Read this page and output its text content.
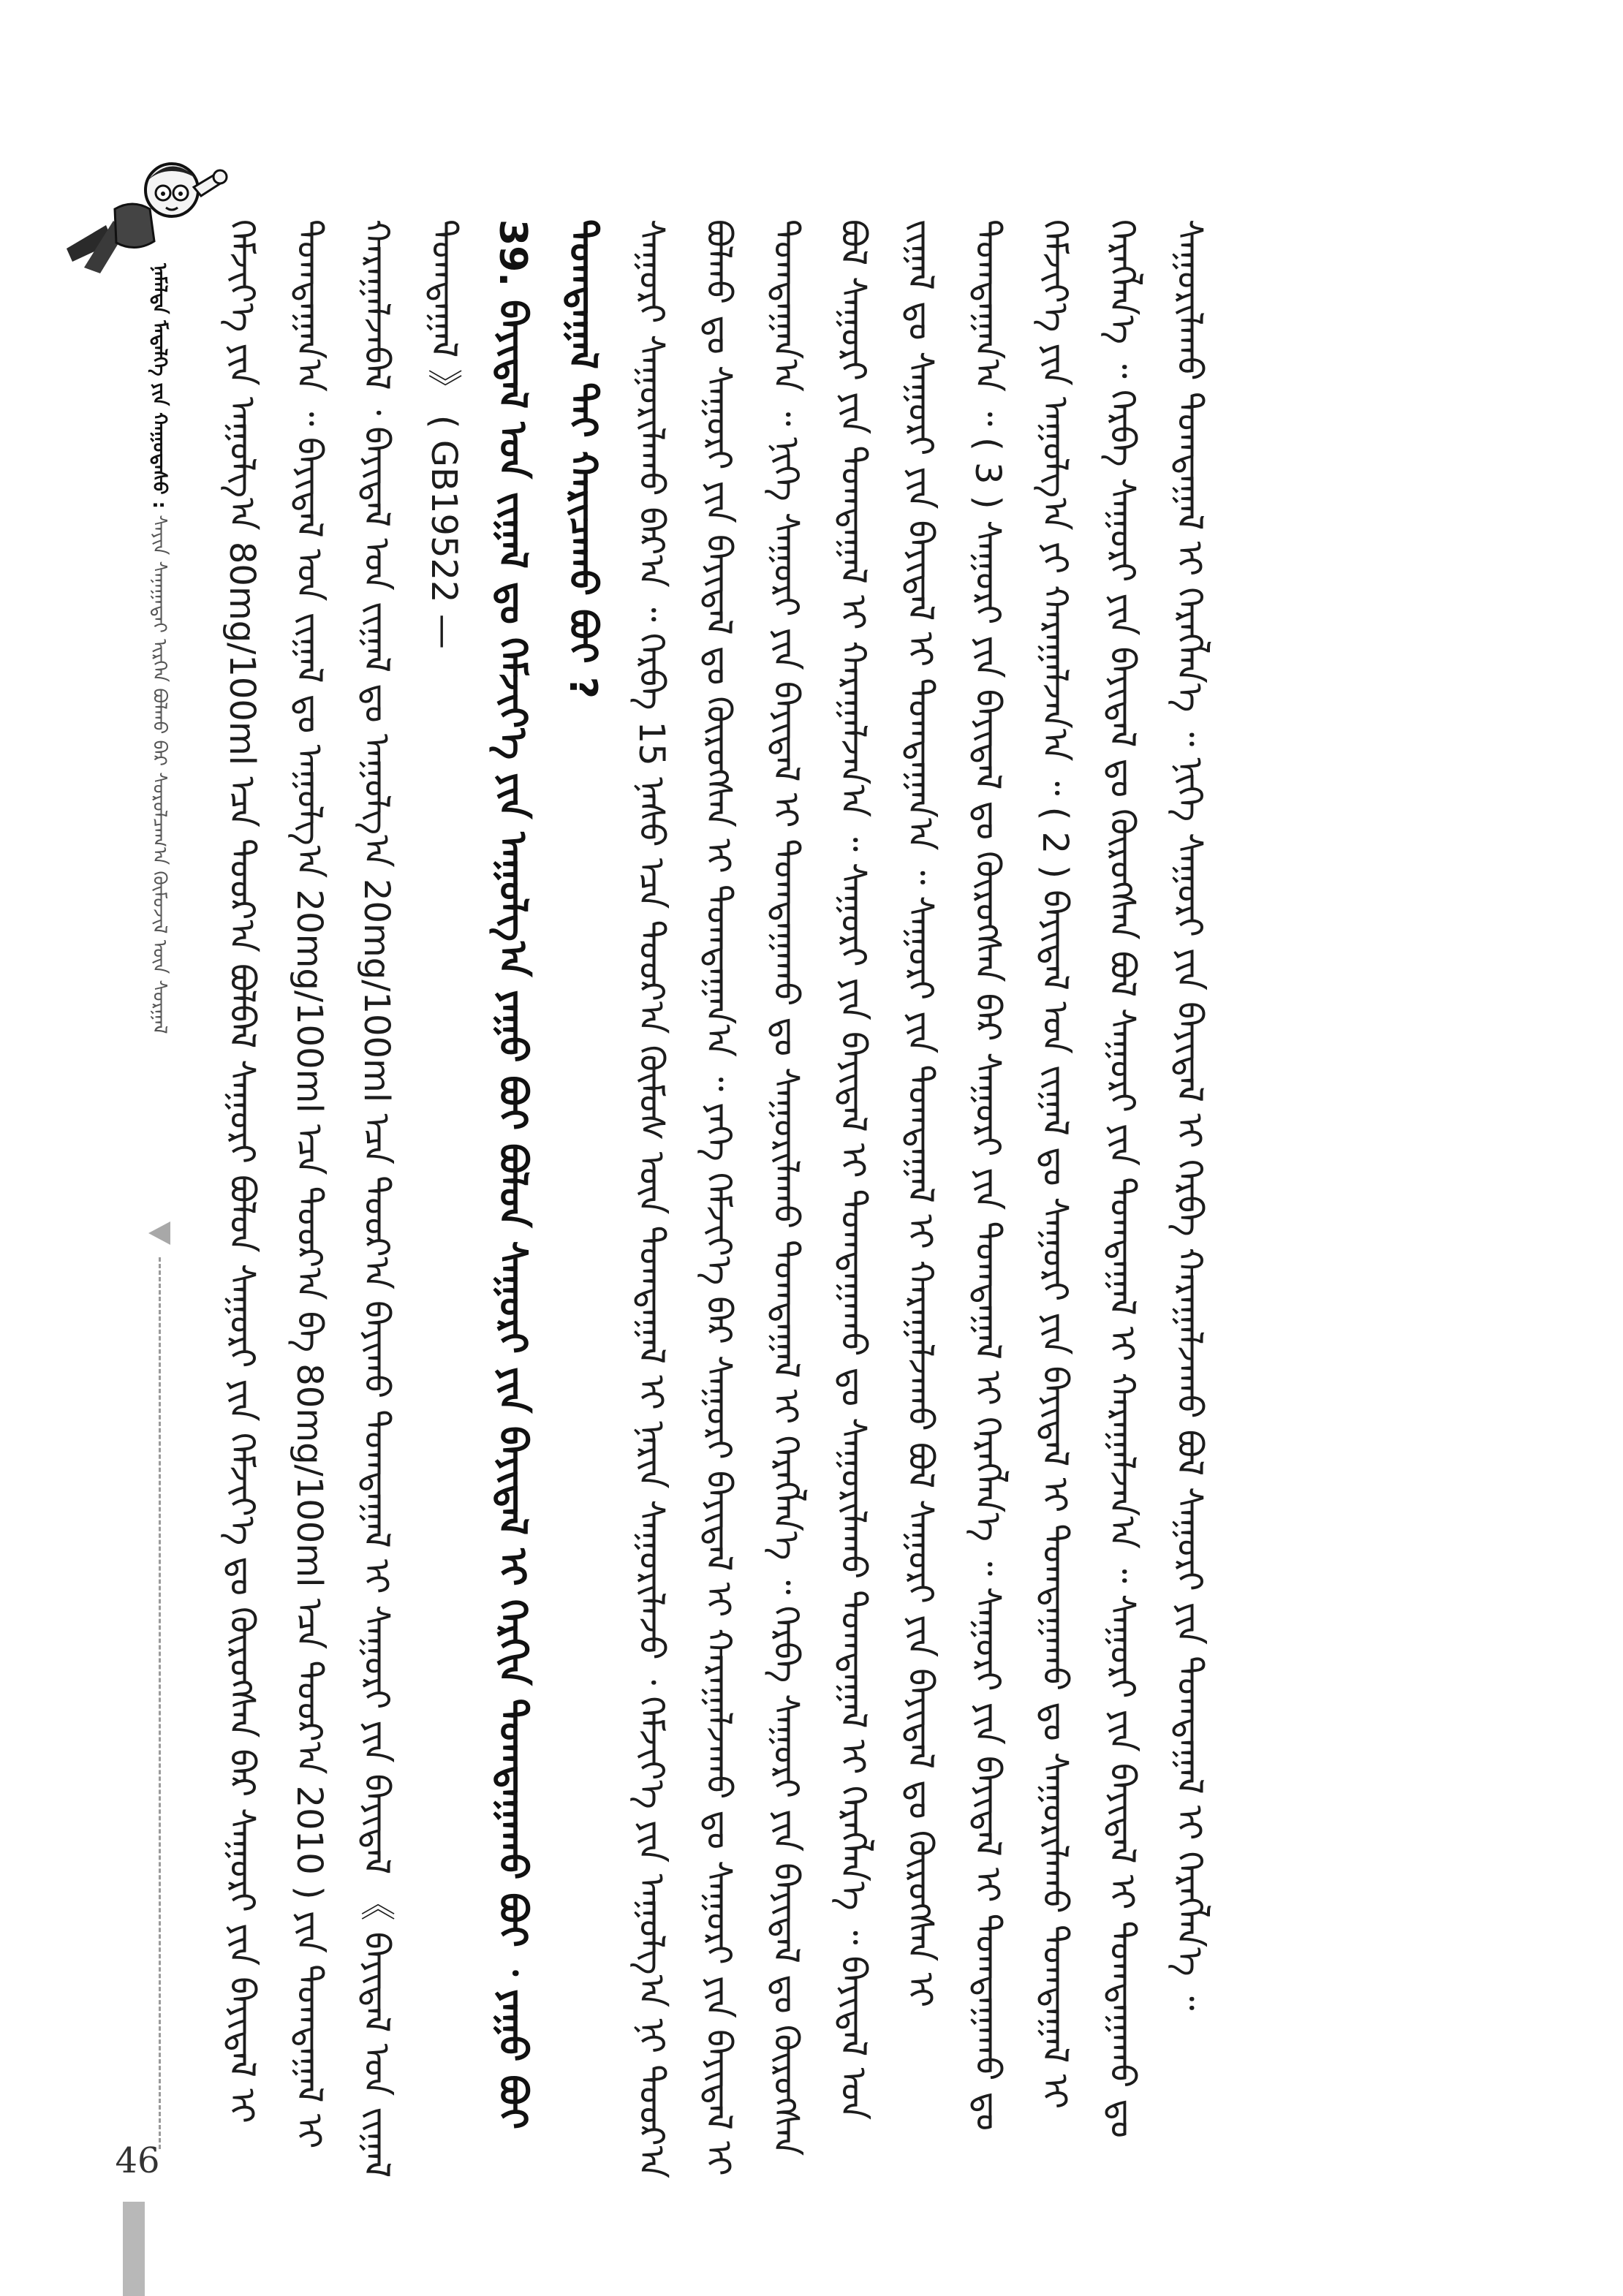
ᠨᠡᠮᠡᠯᠲᠡ ᠮᠡᠳᠡᠯᠭᠡ ᠶᠢᠨ ᠬᠠᠭᠤᠳᠠᠰᠤ : ᠰᠠᠶᠢᠨ ᠰᠠᠨᠠᠭᠠᠲᠠᠢ ᠢᠷᠭᠡᠨ ᠪᠣᠯᠬᠤ ᠪᠠᠷ ᠰᠤᠷᠤᠯᠴᠠᠭ᠎ᠠ ᠬᠦᠮᠦᠵᠢᠯ ᠦᠨ ᠰᠤᠷᠭᠠᠯ	ᠬᠡᠮᠵᠢᠶ᠎ᠡ ᠶᠢᠨ ᠠᠭᠤᠯᠭ᠎ᠠ 80mg/100ml ᠡᠴᠡ ᠳᠣᠣᠷ᠎ᠠ ᠪᠣᠯᠪᠠᠯ ᠰᠠᠭᠤᠷᠢ ᠪᠤᠯᠤᠨ ᠰᠠᠭᠤᠷᠢ ᠶᠢᠨ ᠬᠡᠮᠵᠢᠶ᠎ᠡ ᠳᠤ ᠬᠦᠷᠦᠭᠰᠡᠨ ᠪᠠᠷ ᠰᠠᠭᠤᠷᠢ ᠶᠢᠨ ᠪᠠᠶᠢᠳᠠᠯ ᠢ ᠲᠣᠭᠲᠠᠭᠠᠨ᠎ᠠ ᠃ ᠪᠠᠶᠢᠳᠠᠯ ᠤᠨ ᠵᠢᠭᠠᠯ ᠳᠤ ᠠᠭᠤᠯᠭ᠎ᠠ 20mg/100ml ᠡᠴᠡ ᠳᠣᠣᠷ᠎ᠠ ᠪᠠ 80mg/100ml ᠡᠴᠡ ᠳᠣᠣᠷ᠎ᠠ 2010 ) ᠶᠢᠨ ᠲᠣᠭᠲᠠᠭᠠᠯ ᠢ ᠬᠠᠷᠠᠭᠠᠯᠵᠠᠪᠠᠯ ᠂ ᠪᠠᠶᠢᠳᠠᠯ ᠤᠨ ᠵᠢᠭᠠᠯ ᠳᠤ ᠠᠭᠤᠯᠭ᠎ᠠ 20mg/100ml ᠡᠴᠡ ᠳᠣᠣᠷ᠎ᠠ ᠪᠠᠶᠢᠬᠤ ᠲᠣᠭᠲᠠᠭᠠᠯ ᠢ ᠰᠠᠭᠤᠷᠢ ᠶᠢᠨ ᠪᠠᠶᠢᠳᠠᠯ 《 ᠪᠠᠶᠢᠳᠠᠯ ᠤᠨ ᠵᠢᠭᠠᠯ ᠲᠣᠭᠲᠠᠭᠠᠯ 》 ( GB19522 — 39. ᠪᠠᠶᠢᠳᠠᠯ ᠤᠨ ᠵᠢᠭᠠᠯ ᠳᠤ ᠬᠡᠮᠵᠢᠶ᠎ᠡ ᠶᠢᠨ ᠠᠭᠤᠯᠭ᠎ᠠ ᠶᠠᠭᠤ ᠪᠤᠢ ᠪᠣᠯᠤᠨ ᠰᠠᠭᠤᠷᠢ ᠶᠢᠨ ᠪᠠᠶᠢᠳᠠᠯ ᠢ ᠬᠡᠷᠬᠢᠨ ᠲᠣᠭᠲᠠᠭᠠᠬᠤ ᠪᠤᠢ ᠂ ᠶᠠᠭᠤ ᠪᠤᠢ ᠲᠣᠭᠲᠠᠭᠠᠯ ᠲᠠᠢ ᠬᠠᠷᠢᠴᠠᠬᠤ ᠪᠤᠢ ? ᠰᠠᠭᠤᠷᠢ ᠰᠠᠭᠤᠷᠢᠯᠠᠬᠤ ᠪᠠᠷ᠎ᠠ ᠃ ᠬᠡᠷᠪᠡ 15 ᠨᠠᠰᠤ ᠡᠴᠡ ᠳᠣᠣᠷ᠎ᠠ ᠬᠦᠮᠦᠰ ᠦᠨ ᠲᠣᠭᠲᠠᠭᠠᠯ ᠢ ᠨᠠᠷᠢᠨ ᠰᠠᠭᠤᠷᠢᠯᠠᠵᠤ ᠂ ᠬᠡᠮᠵᠢᠶ᠎ᠡ ᠶᠢᠨ ᠠᠭᠤᠯᠭ᠎ᠠ ᠨᠢ ᠳᠣᠣᠷ᠎ᠠ ᠪᠣᠯᠬᠤ ᠳᠤ ᠰᠠᠭᠤᠷᠢ ᠶᠢᠨ ᠪᠠᠶᠢᠳᠠᠯ ᠳᠤ ᠬᠦᠷᠦᠭᠰᠡᠨ ᠢ ᠲᠣᠭᠲᠠᠭᠠᠨ᠎ᠠ ᠃ ᠶᠡᠬᠡ ᠬᠡᠮᠵᠢᠶ᠎ᠡ ᠪᠠᠷ ᠰᠠᠭᠤᠷᠢ ᠪᠠᠶᠢᠳᠠᠯ ᠢ ᠬᠠᠷᠠᠭᠠᠯᠵᠠᠬᠤ ᠳᠤ ᠰᠠᠭᠤᠷᠢ ᠶᠢᠨ ᠪᠠᠶᠢᠳᠠᠯ ᠢ ᠲᠣᠭᠲᠠᠭᠠᠨ᠎ᠠ ᠃ ᠨᠢᠭᠡ ᠰᠠᠭᠤᠷᠢ ᠶᠢᠨ ᠪᠠᠶᠢᠳᠠᠯ ᠢ ᠲᠣᠭᠲᠠᠭᠠᠬᠤ ᠳᠤ ᠰᠠᠭᠤᠷᠢᠯᠠᠬᠤ ᠲᠣᠭᠲᠠᠭᠠᠯ ᠢ ᠬᠡᠷᠡᠭᠯᠡᠨ᠎ᠡ ᠃ ᠬᠡᠷᠪᠡ ᠰᠠᠭᠤᠷᠢ ᠶᠢᠨ ᠪᠠᠶᠢᠳᠠᠯ ᠳᠤ ᠬᠦᠷᠦᠭᠰᠡᠨ ᠪᠣᠯ ᠰᠠᠭᠤᠷᠢ ᠶᠢᠨ ᠲᠣᠭᠲᠠᠭᠠᠯ ᠢ ᠬᠠᠷᠠᠭᠠᠯᠵᠠᠨ᠎ᠠ ᠃ ᠰᠠᠭᠤᠷᠢ ᠶᠢᠨ ᠪᠠᠶᠢᠳᠠᠯ ᠢ ᠲᠣᠭᠲᠠᠭᠠᠬᠤ ᠳᠤ ᠰᠠᠭᠤᠷᠢᠯᠠᠬᠤ ᠲᠣᠭᠲᠠᠭᠠᠯ ᠢ ᠬᠡᠷᠡᠭᠯᠡᠨ᠎ᠡ ᠃ ᠪᠠᠶᠢᠳᠠᠯ ᠤᠨ ᠵᠢᠭᠠᠯ ᠳᠤ ᠰᠠᠭᠤᠷᠢ ᠶᠢᠨ ᠪᠠᠶᠢᠳᠠᠯ ᠢ ᠲᠣᠭᠲᠠᠭᠠᠨ᠎ᠠ ᠃ ᠰᠠᠭᠤᠷᠢ ᠶᠢᠨ ᠲᠣᠭᠲᠠᠭᠠᠯ ᠢ ᠬᠠᠷᠠᠭᠠᠯᠵᠠᠬᠤ ᠪᠣᠯ ᠰᠠᠭᠤᠷᠢ ᠶᠢᠨ ᠪᠠᠶᠢᠳᠠᠯ ᠳᠤ ᠬᠦᠷᠦᠭᠰᠡᠨ ᠢ ᠲᠣᠭᠲᠠᠭᠠᠨ᠎ᠠ ᠃ ( 3 ) ᠰᠠᠭᠤᠷᠢ ᠶᠢᠨ ᠪᠠᠶᠢᠳᠠᠯ ᠳᠤ ᠬᠦᠷᠦᠭᠰᠡᠨ ᠪᠠᠷ ᠰᠠᠭᠤᠷᠢ ᠶᠢᠨ ᠲᠣᠭᠲᠠᠭᠠᠯ ᠢ ᠬᠡᠷᠡᠭᠯᠡᠨ᠎ᠡ ᠃ ᠰᠠᠭᠤᠷᠢ ᠶᠢᠨ ᠪᠠᠶᠢᠳᠠᠯ ᠢ ᠲᠣᠭᠲᠠᠭᠠᠬᠤ ᠳᠤ ᠬᠡᠮᠵᠢᠶ᠎ᠡ ᠶᠢᠨ ᠠᠭᠤᠯᠭ᠎ᠠ ᠶᠢ ᠬᠠᠷᠠᠭᠠᠯᠵᠠᠨ᠎ᠠ ᠃ ( 2 ) ᠪᠠᠶᠢᠳᠠᠯ ᠤᠨ ᠵᠢᠭᠠᠯ ᠳᠤ ᠰᠠᠭᠤᠷᠢ ᠶᠢᠨ ᠪᠠᠶᠢᠳᠠᠯ ᠢ ᠲᠣᠭᠲᠠᠭᠠᠬᠤ ᠳᠤ ᠰᠠᠭᠤᠷᠢᠯᠠᠬᠤ ᠲᠣᠭᠲᠠᠭᠠᠯ ᠢ ᠬᠡᠷᠡᠭᠯᠡᠨ᠎ᠡ ᠃ ᠬᠡᠷᠪᠡ ᠰᠠᠭᠤᠷᠢ ᠶᠢᠨ ᠪᠠᠶᠢᠳᠠᠯ ᠳᠤ ᠬᠦᠷᠦᠭᠰᠡᠨ ᠪᠣᠯ ᠰᠠᠭᠤᠷᠢ ᠶᠢᠨ ᠲᠣᠭᠲᠠᠭᠠᠯ ᠢ ᠬᠠᠷᠠᠭᠠᠯᠵᠠᠨ᠎ᠠ ᠃ ᠰᠠᠭᠤᠷᠢ ᠶᠢᠨ ᠪᠠᠶᠢᠳᠠᠯ ᠢ ᠲᠣᠭᠲᠠᠭᠠᠬᠤ ᠳᠤ ᠰᠠᠭᠤᠷᠢᠯᠠᠬᠤ ᠲᠣᠭᠲᠠᠭᠠᠯ ᠢ ᠬᠡᠷᠡᠭᠯᠡᠨ᠎ᠡ ᠃ ᠨᠢᠭᠡ ᠰᠠᠭᠤᠷᠢ ᠶᠢᠨ ᠪᠠᠶᠢᠳᠠᠯ ᠢ ᠬᠡᠷᠪᠡ ᠬᠠᠷᠠᠭᠠᠯᠵᠠᠬᠤ ᠪᠣᠯ ᠰᠠᠭᠤᠷᠢ ᠶᠢᠨ ᠲᠣᠭᠲᠠᠭᠠᠯ ᠢ ᠬᠡᠷᠡᠭᠯᠡᠨ᠎ᠡ ᠃
46
